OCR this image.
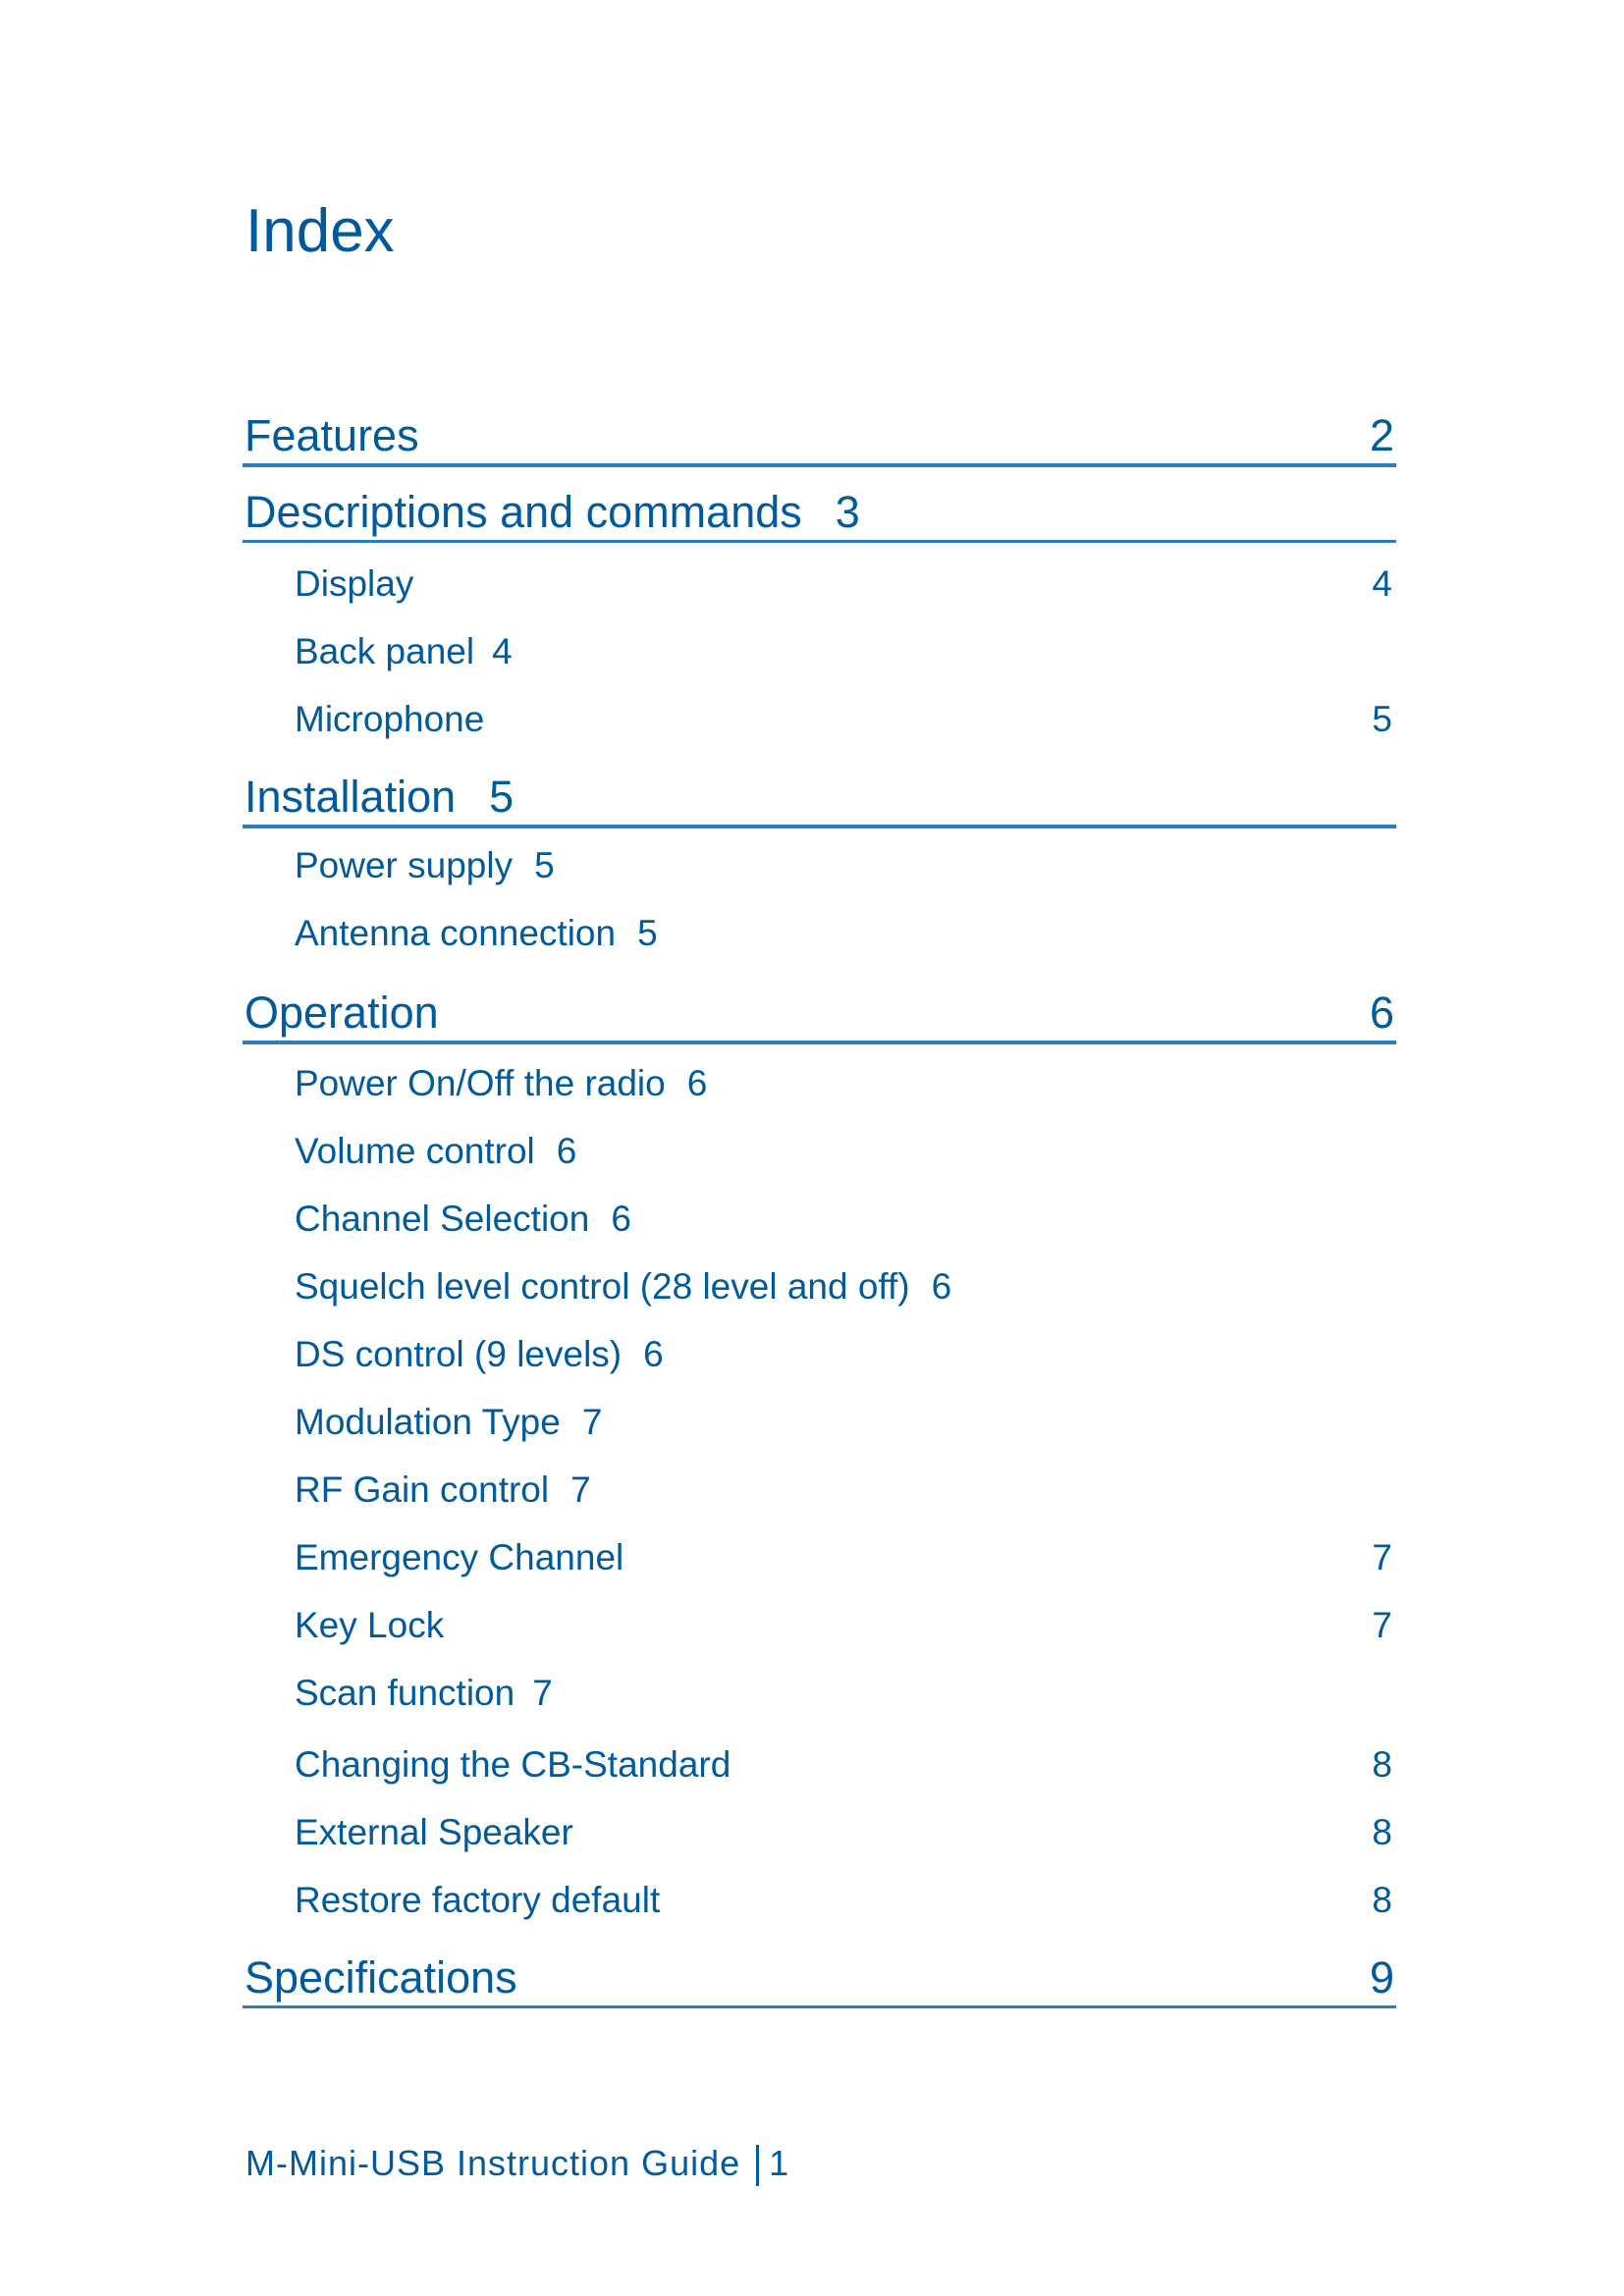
Index
Features	2
Descriptions and commands 3
Display	4
Back panel 4
Microphone	5
Installation 5
Power supply 5
Antenna connection 5
Operation	6
Power On/Off the radio 6
Volume control 6
Channel Selection 6
Squelch level control (28 level and off) 6
DS control (9 levels) 6
Modulation Type 7
RF Gain control 7
Emergency Channel	7
Key Lock	7
Scan function 7
Changing the CB-Standard	8
External Speaker	8
Restore factory default	8
Specifications	9
M-Mini-USB Instruction Guide 1
